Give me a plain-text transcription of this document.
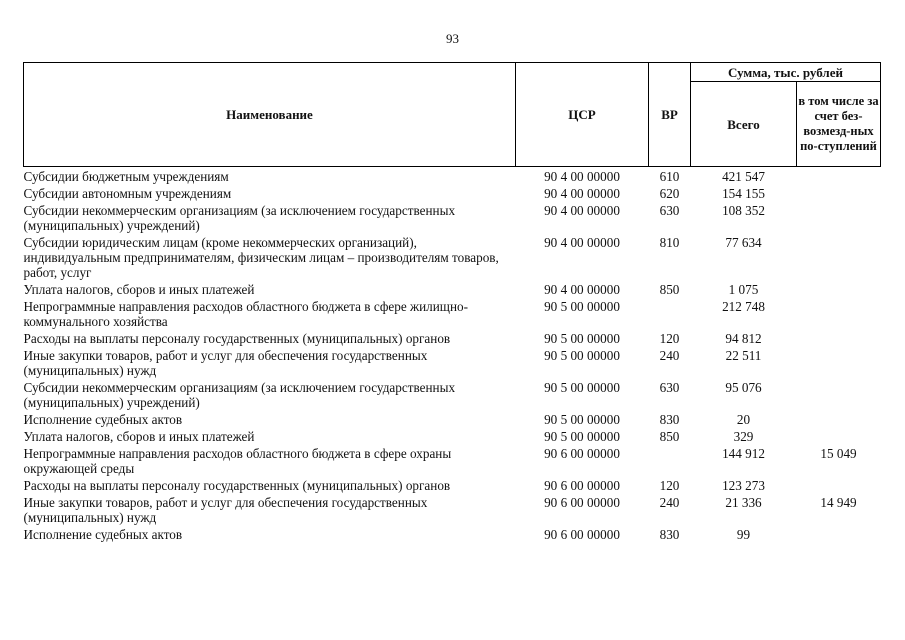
93
Наименование	ЦСР	ВР	Сумма, тыс. рублей	
			Всего	в том числе за счет без-возмезд-ных по-ступлений
Субсидии бюджетным учреждениям	90 4 00 00000	610	421 547	
Субсидии автономным учреждениям	90 4 00 00000	620	154 155	
Субсидии некоммерческим организациям (за исключением государственных (муниципальных) учреждений)	90 4 00 00000	630	108 352	
Субсидии юридическим лицам (кроме некоммерческих организаций), индивидуальным предпринимателям, физическим лицам – производителям товаров, работ, услуг	90 4 00 00000	810	77 634	
Уплата налогов, сборов и иных платежей	90 4 00 00000	850	1 075	
Непрограммные направления расходов областного бюджета в сфере жилищно-коммунального хозяйства	90 5 00 00000		212 748	
Расходы на выплаты персоналу государственных (муниципальных) органов	90 5 00 00000	120	94 812	
Иные закупки товаров, работ и услуг для обеспечения государственных (муниципальных) нужд	90 5 00 00000	240	22 511	
Субсидии некоммерческим организациям (за исключением государственных (муниципальных) учреждений)	90 5 00 00000	630	95 076	
Исполнение судебных актов	90 5 00 00000	830	20	
Уплата налогов, сборов и иных платежей	90 5 00 00000	850	329	
Непрограммные направления расходов областного бюджета в сфере охраны окружающей среды	90 6 00 00000		144 912	15 049
Расходы на выплаты персоналу государственных (муниципальных) органов	90 6 00 00000	120	123 273	
Иные закупки товаров, работ и услуг для обеспечения государственных (муниципальных) нужд	90 6 00 00000	240	21 336	14 949
Исполнение судебных актов	90 6 00 00000	830	99	
